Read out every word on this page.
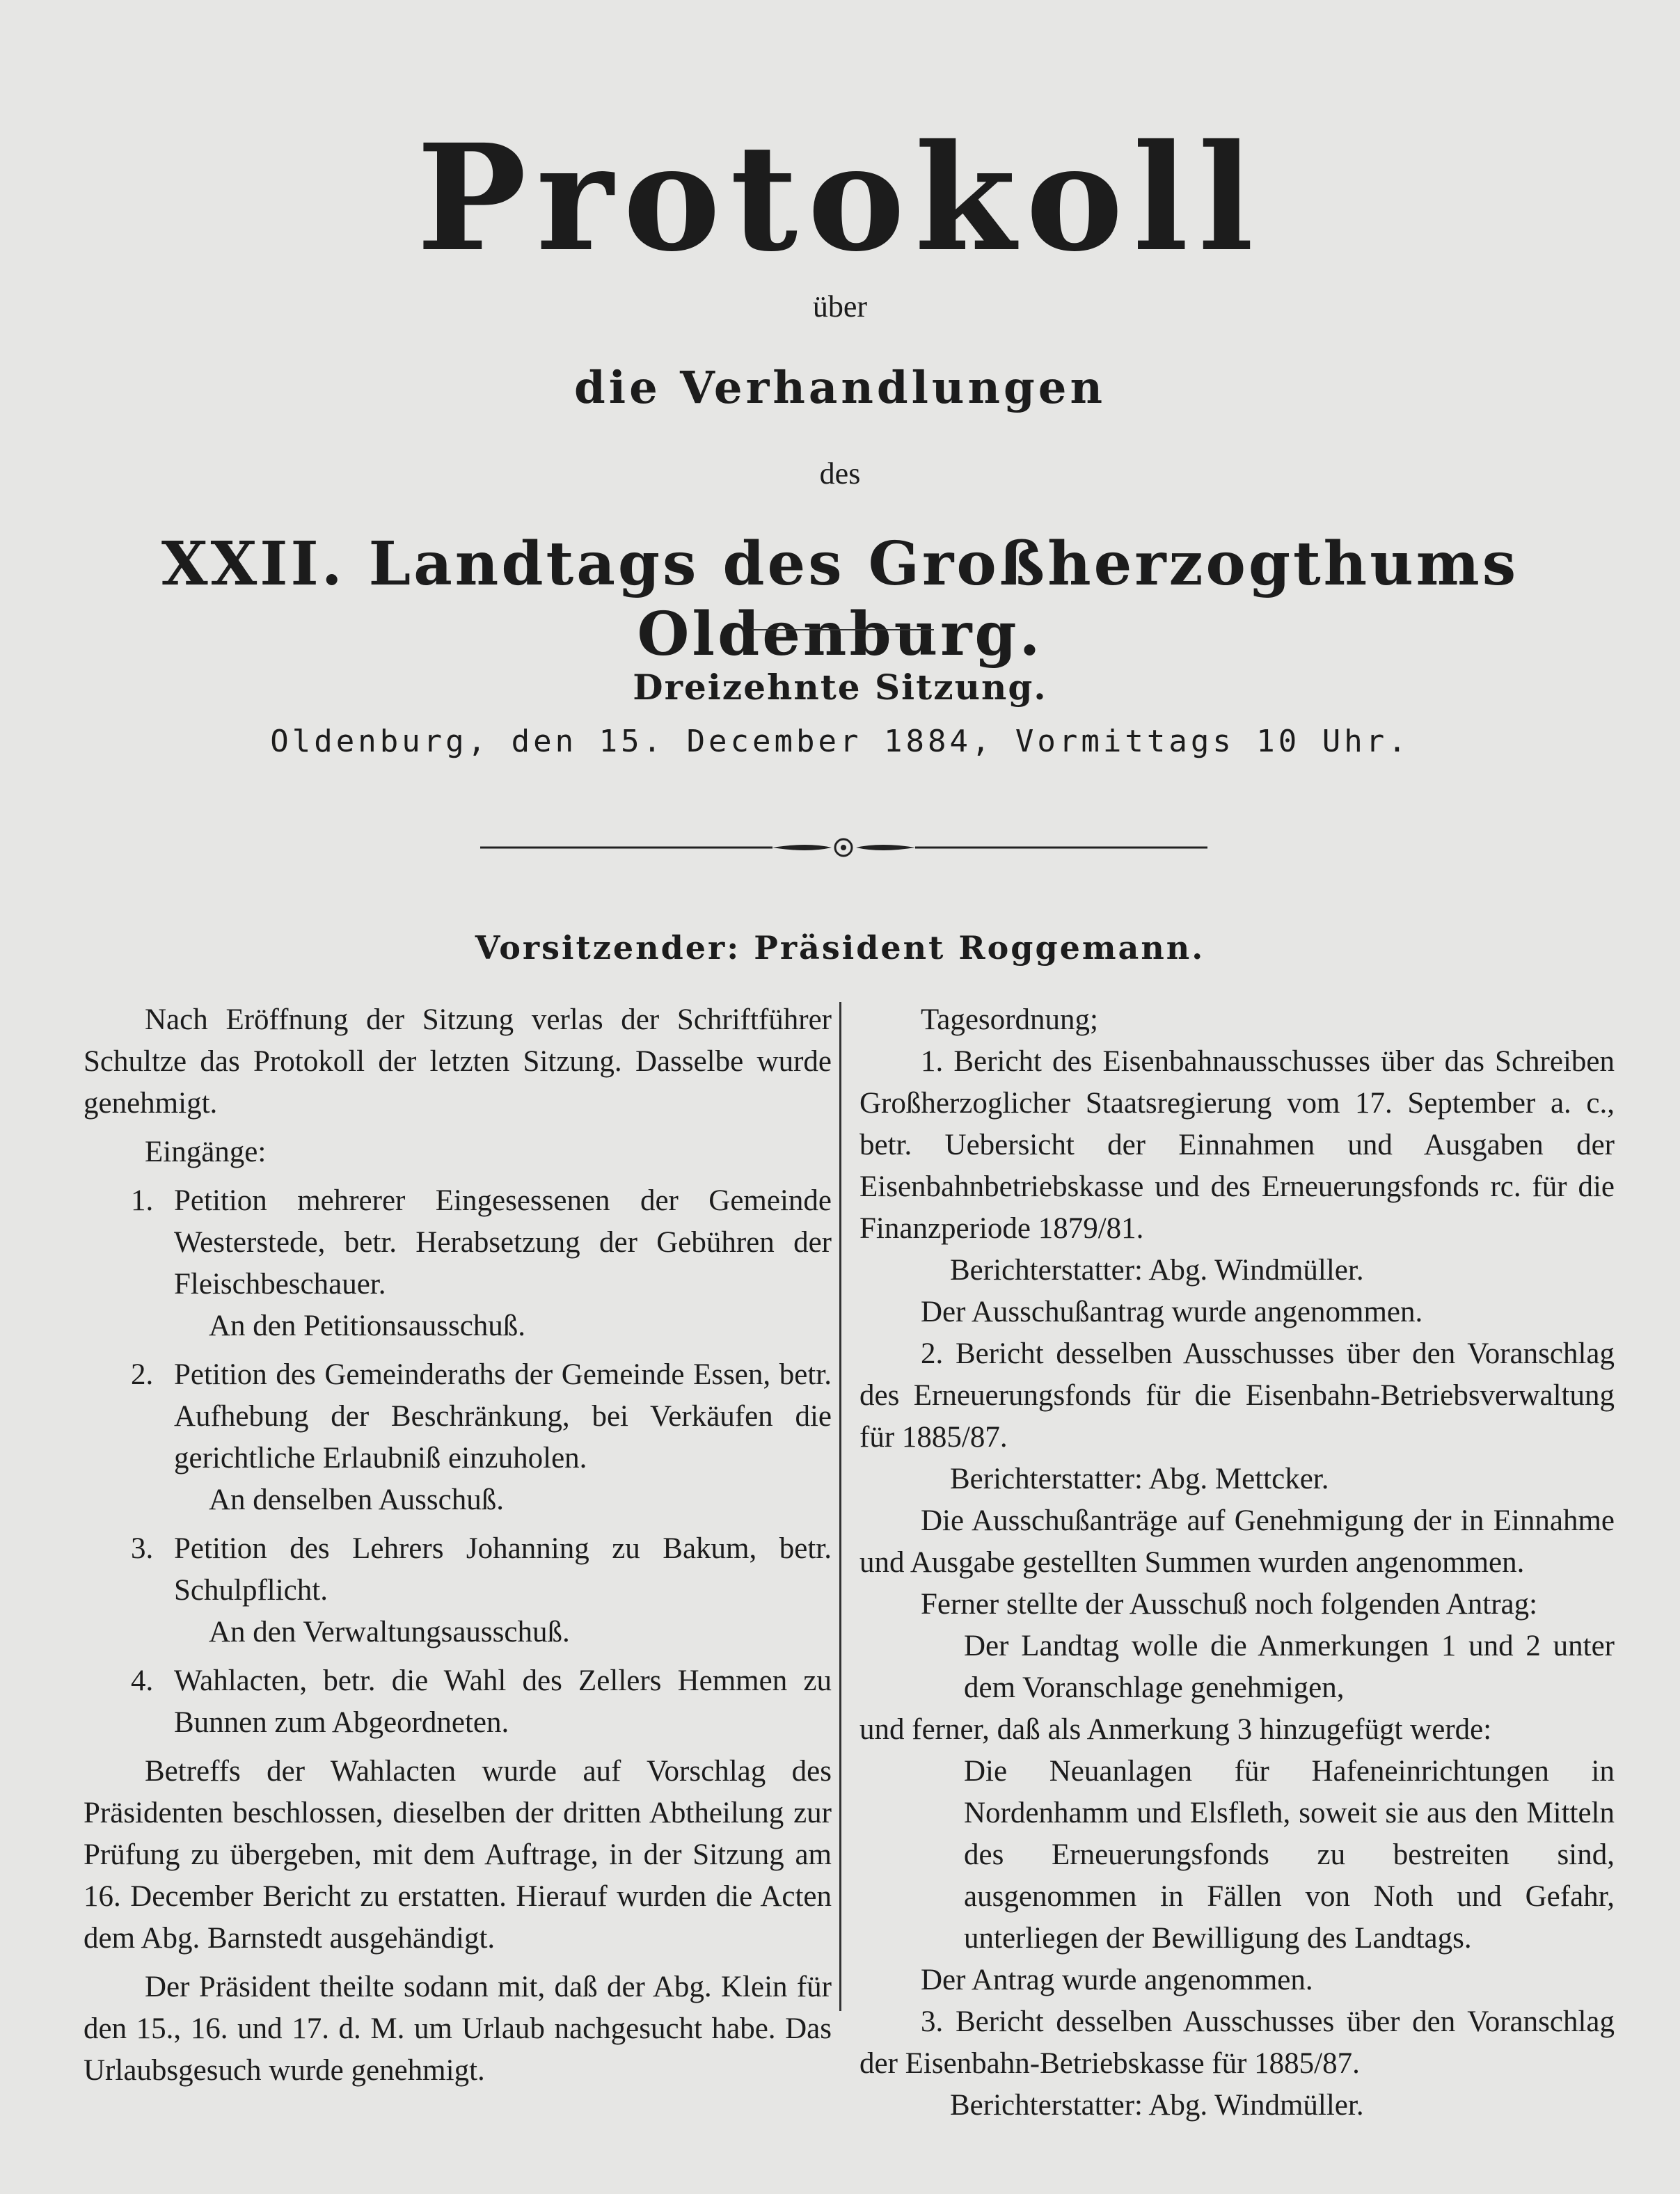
Protokoll
über
die Verhandlungen
des
XXII. Landtags des Großherzogthums Oldenburg.
Dreizehnte Sitzung.
Oldenburg, den 15. December 1884, Vormittags 10 Uhr.
Vorsitzender: Präsident Roggemann.

Nach Eröffnung der Sitzung verlas der Schriftführer Schultze das Protokoll der letzten Sitzung. Dasselbe wurde genehmigt.

Eingänge:

1. Petition mehrerer Eingesessenen der Gemeinde Westerstede, betr. Herabsetzung der Gebühren der Fleischbeschauer.

An den Petitionsausschuß.

2. Petition des Gemeinderaths der Gemeinde Essen, betr. Aufhebung der Beschränkung, bei Verkäufen die gerichtliche Erlaubniß einzuholen.

An denselben Ausschuß.

3. Petition des Lehrers Johanning zu Bakum, betr. Schulpflicht.

An den Verwaltungsausschuß.

4. Wahlacten, betr. die Wahl des Zellers Hemmen zu Bunnen zum Abgeordneten.

Betreffs der Wahlacten wurde auf Vorschlag des Präsidenten beschlossen, dieselben der dritten Abtheilung zur Prüfung zu übergeben, mit dem Auftrage, in der Sitzung am 16. December Bericht zu erstatten. Hierauf wurden die Acten dem Abg. Barnstedt ausgehändigt.

Der Präsident theilte sodann mit, daß der Abg. Klein für den 15., 16. und 17. d. M. um Urlaub nachgesucht habe. Das Urlaubsgesuch wurde genehmigt.

Tagesordnung;

1. Bericht des Eisenbahnausschusses über das Schreiben Großherzoglicher Staatsregierung vom 17. September a. c., betr. Uebersicht der Einnahmen und Ausgaben der Eisenbahnbetriebskasse und des Erneuerungsfonds rc. für die Finanzperiode 1879/81.

Berichterstatter: Abg. Windmüller.

Der Ausschußantrag wurde angenommen.

2. Bericht desselben Ausschusses über den Voranschlag des Erneuerungsfonds für die Eisenbahn-Betriebsverwaltung für 1885/87.

Berichterstatter: Abg. Mettcker.

Die Ausschußanträge auf Genehmigung der in Einnahme und Ausgabe gestellten Summen wurden angenommen.

Ferner stellte der Ausschuß noch folgenden Antrag:

Der Landtag wolle die Anmerkungen 1 und 2 unter dem Voranschlage genehmigen,

und ferner, daß als Anmerkung 3 hinzugefügt werde:

Die Neuanlagen für Hafeneinrichtungen in Nordenhamm und Elsfleth, soweit sie aus den Mitteln des Erneuerungsfonds zu bestreiten sind, ausgenommen in Fällen von Noth und Gefahr, unterliegen der Bewilligung des Landtags.

Der Antrag wurde angenommen.

3. Bericht desselben Ausschusses über den Voranschlag der Eisenbahn-Betriebskasse für 1885/87.

Berichterstatter: Abg. Windmüller.
